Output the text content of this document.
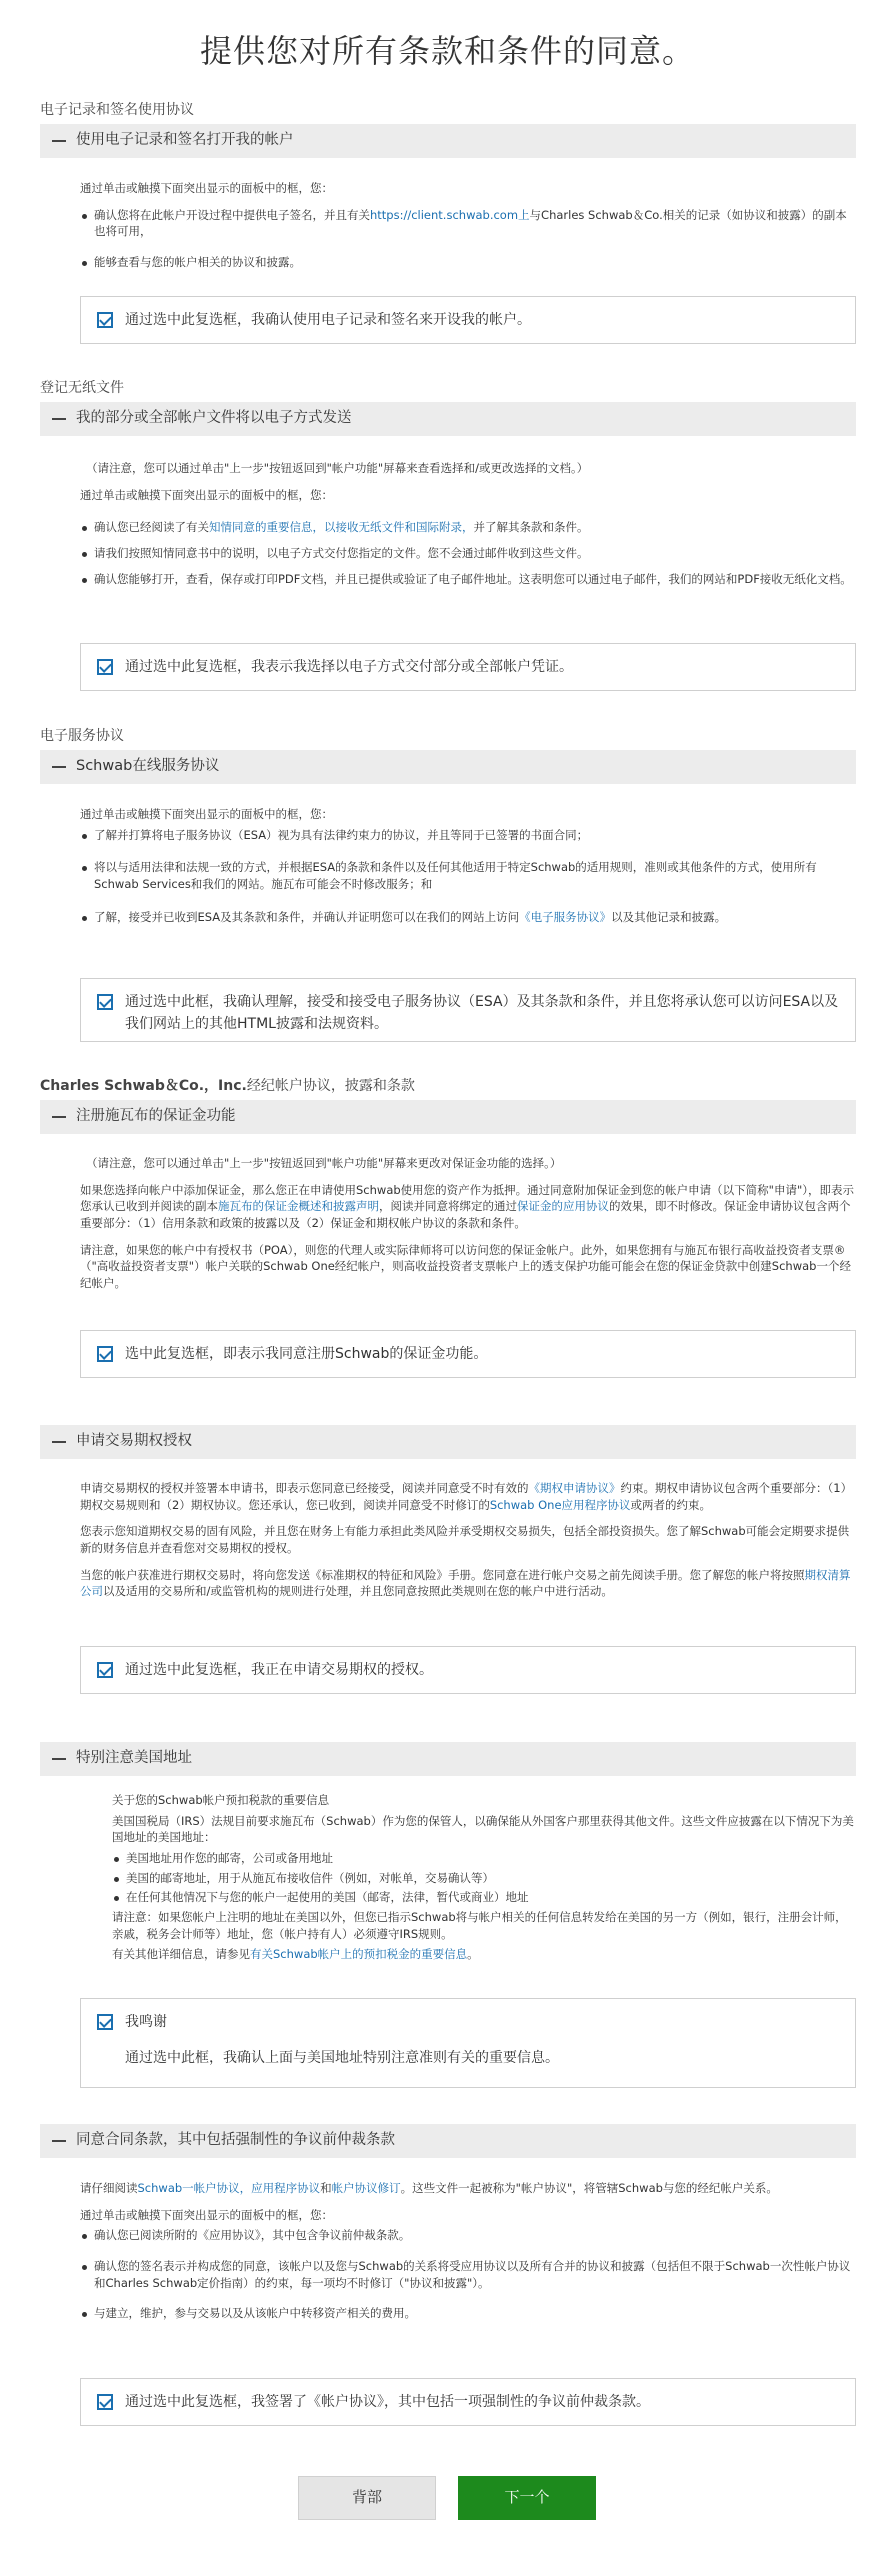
提供您对所有条款和条件的同意。
电子记录和签名使用协议
使用电子记录和签名打开我的帐户

通过单击或触摸下面突出显示的面板中的框，您：

确认您将在此帐户开设过程中提供电子签名，并且有关https://client.schwab.com上与Charles Schwab＆Co.相关的记录（如协议和披露）的副本也将可用，
能够查看与您的帐户相关的协议和披露。
通过选中此复选框，我确认使用电子记录和签名来开设我的帐户。
登记无纸文件
我的部分或全部帐户文件将以电子方式发送

（请注意，您可以通过单击"上一步"按钮返回到"帐户功能"屏幕来查看选择和/或更改选择的文档。）

通过单击或触摸下面突出显示的面板中的框，您：

确认您已经阅读了有关知情同意的重要信息，以接收无纸文件和国际附录，并了解其条款和条件。
请我们按照知情同意书中的说明，以电子方式交付您指定的文件。您不会通过邮件收到这些文件。
确认您能够打开，查看，保存或打印PDF文档，并且已提供或验证了电子邮件地址。这表明您可以通过电子邮件，我们的网站和PDF接收无纸化文档。
通过选中此复选框，我表示我选择以电子方式交付部分或全部帐户凭证。
电子服务协议
Schwab在线服务协议

通过单击或触摸下面突出显示的面板中的框，您：

了解并打算将电子服务协议（ESA）视为具有法律约束力的协议，并且等同于已签署的书面合同；
将以与适用法律和法规一致的方式，并根据ESA的条款和条件以及任何其他适用于特定Schwab的适用规则，准则或其他条件的方式，使用所有Schwab Services和我们的网站。施瓦布可能会不时修改服务；和
了解，接受并已收到ESA及其条款和条件，并确认并证明您可以在我们的网站上访问《电子服务协议》以及其他记录和披露。
通过选中此框，我确认理解，接受和接受电子服务协议（ESA）及其条款和条件，并且您将承认您可以访问ESA以及我们网站上的其他HTML披露和法规资料。
Charles Schwab＆Co.，Inc.经纪帐户协议，披露和条款
注册施瓦布的保证金功能

（请注意，您可以通过单击"上一步"按钮返回到"帐户功能"屏幕来更改对保证金功能的选择。）

如果您选择向帐户中添加保证金，那么您正在申请使用Schwab使用您的资产作为抵押。通过同意附加保证金到您的帐户申请（以下简称"申请"），即表示您承认已收到并阅读的副本施瓦布的保证金概述和披露声明，阅读并同意将绑定的通过保证金的应用协议的效果，即不时修改。保证金申请协议包含两个重要部分：（1）信用条款和政策的披露以及（2）保证金和期权帐户协议的条款和条件。

请注意，如果您的帐户中有授权书（POA），则您的代理人或实际律师将可以访问您的保证金帐户。此外，如果您拥有与施瓦布银行高收益投资者支票®（"高收益投资者支票"）帐户关联的Schwab One经纪帐户，则高收益投资者支票帐户上的透支保护功能可能会在您的保证金贷款中创建Schwab一个经纪帐户。

选中此复选框，即表示我同意注册Schwab的保证金功能。
申请交易期权授权

申请交易期权的授权并签署本申请书，即表示您同意已经接受，阅读并同意受不时有效的《期权申请协议》约束。期权申请协议包含两个重要部分：（1）期权交易规则和（2）期权协议。您还承认，您已收到，阅读并同意受不时修订的Schwab One应用程序协议或两者的约束。

您表示您知道期权交易的固有风险，并且您在财务上有能力承担此类风险并承受期权交易损失，包括全部投资损失。您了解Schwab可能会定期要求提供新的财务信息并查看您对交易期权的授权。

当您的帐户获准进行期权交易时，将向您发送《标准期权的特征和风险》手册。您同意在进行帐户交易之前先阅读手册。您了解您的帐户将按照期权清算公司以及适用的交易所和/或监管机构的规则进行处理，并且您同意按照此类规则在您的帐户中进行活动。

通过选中此复选框，我正在申请交易期权的授权。
特别注意美国地址

关于您的Schwab帐户预扣税款的重要信息

美国国税局（IRS）法规目前要求施瓦布（Schwab）作为您的保管人，以确保能从外国客户那里获得其他文件。这些文件应披露在以下情况下为美国地址的美国地址：

美国地址用作您的邮寄，公司或备用地址
美国的邮寄地址，用于从施瓦布接收信件（例如，对帐单，交易确认等）
在任何其他情况下与您的帐户一起使用的美国（邮寄，法律，暂代或商业）地址

请注意：如果您帐户上注明的地址在美国以外，但您已指示Schwab将与帐户相关的任何信息转发给在美国的另一方（例如，银行，注册会计师，亲戚，税务会计师等）地址，您（帐户持有人）必须遵守IRS规则。

有关其他详细信息，请参见有关Schwab帐户上的预扣税金的重要信息。

我鸣谢
通过选中此框，我确认上面与美国地址特别注意准则有关的重要信息。
同意合同条款，其中包括强制性的争议前仲裁条款

请仔细阅读Schwab一帐户协议，应用程序协议和帐户协议修订。这些文件一起被称为"帐户协议"，将管辖Schwab与您的经纪帐户关系。

通过单击或触摸下面突出显示的面板中的框，您：

确认您已阅读所附的《应用协议》，其中包含争议前仲裁条款。
确认您的签名表示并构成您的同意，该帐户以及您与Schwab的关系将受应用协议以及所有合并的协议和披露（包括但不限于Schwab一次性帐户协议和Charles Schwab定价指南）的约束，每一项均不时修订（"协议和披露"）。
与建立，维护，参与交易以及从该帐户中转移资产相关的费用。
通过选中此复选框，我签署了《帐户协议》，其中包括一项强制性的争议前仲裁条款。
背部	下一个
